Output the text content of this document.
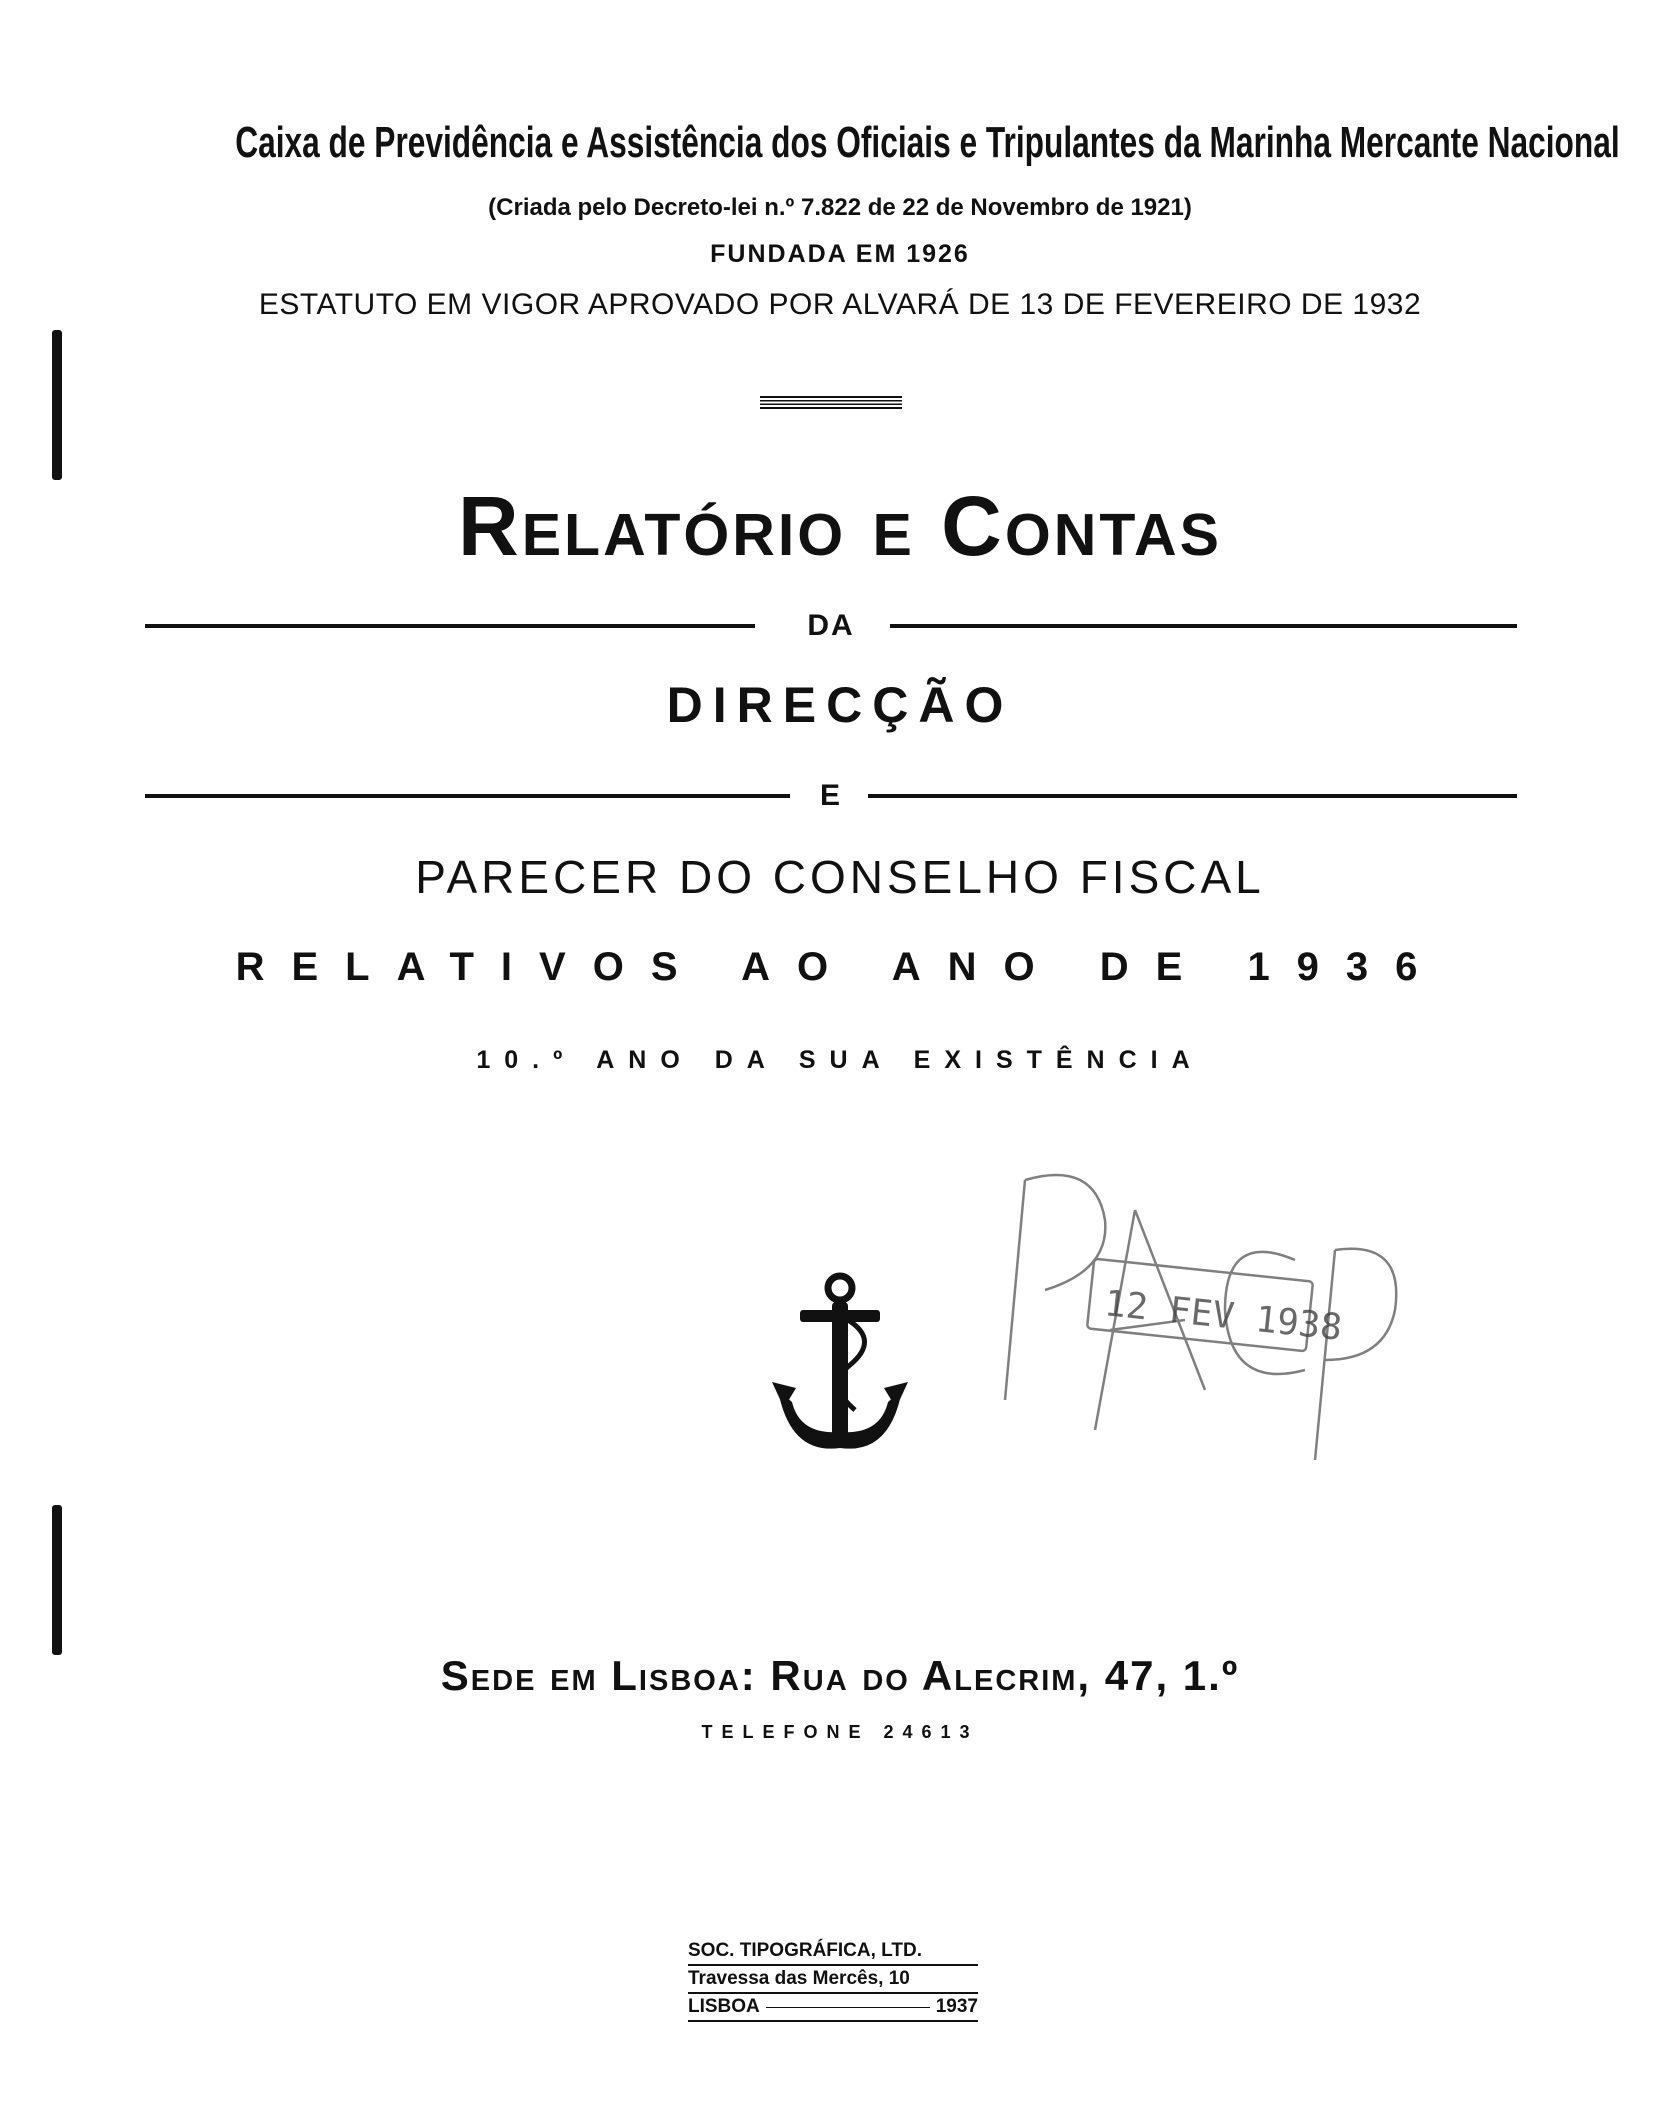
Caixa de Previdência e Assistência dos Oficiais e Tripulantes da Marinha Mercante Nacional
(Criada pelo Decreto-lei n.º 7.822 de 22 de Novembro de 1921)
FUNDADA EM 1926
ESTATUTO EM VIGOR APROVADO POR ALVARÁ DE 13 DE FEVEREIRO DE 1932
Relatório e Contas
DA
DIRECÇÃO
E
PARECER DO CONSELHO FISCAL
RELATIVOS AO ANO DE 1936
10.º ANO DA SUA EXISTÊNCIA
12 FEV 1938
Sede em Lisboa: Rua do Alecrim, 47, 1.º
TELEFONE 24613
SOC. TIPOGRÁFICA, LTD.
Travessa das Mercês, 10
LISBOA	1937
